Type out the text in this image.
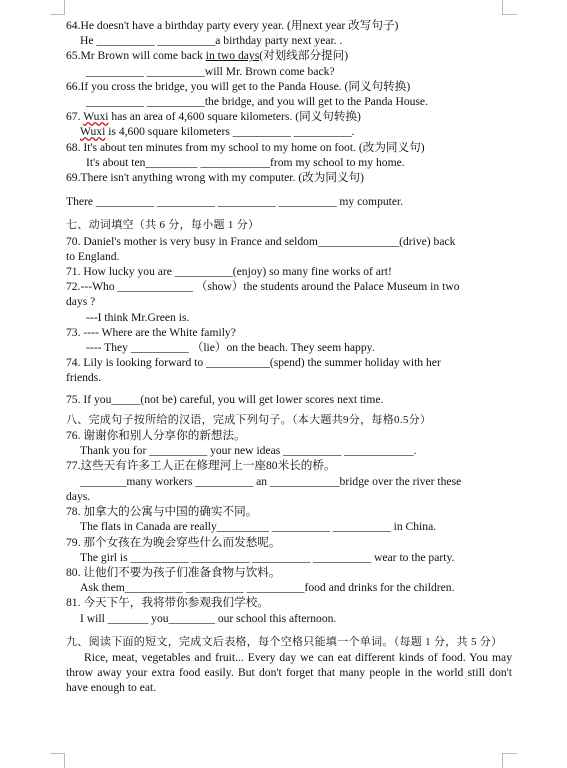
64.He doesn't have a birthday party every year. (用next year 改写句子)
He __________ __________a birthday party next year. .
65.Mr Brown will come back in two days(对划线部分提问)
__________ __________will Mr. Brown come back?
66.If you cross the bridge, you will get to the Panda House. (同义句转换)
__________ __________the bridge, and you will get to the Panda House.
67. Wuxi has an area of 4,600 square kilometers. (同义句转换)
Wuxi is 4,600 square kilometers __________ __________.
68. It's about ten minutes from my school to my home on foot. (改为同义句)
It's about ten_________ ____________from my school to my home.
69.There isn't anything wrong with my computer. (改为同义句)
There __________ __________ __________ __________ my computer.
七、动词填空（共 6 分，每小题 1 分）
70. Daniel's mother is very busy in France and seldom______________(drive) back
to England.
71. How lucky you are __________(enjoy) so many fine works of art!
72.---Who _____________ （show）the students around the Palace Museum in two
days ?
---I think Mr.Green is.
73. ---- Where are the White family?
---- They __________ （lie）on the beach. They seem happy.
74. Lily is looking forward to ___________(spend) the summer holiday with her
friends.
75. If you_____(not be) careful, you will get lower scores next time.
八、完成句子按所给的汉语，完成下列句子。（本大题共9分，每格0.5分）
76. 谢谢你和别人分享你的新想法。
Thank you for __________ your new ideas __________ ____________.
77.这些天有许多工人正在修理河上一座80米长的桥。
________many workers __________ an ____________bridge over the river these
days.
78. 加拿大的公寓与中国的确实不同。
The flats in Canada are really_________ __________ __________ in China.
79. 那个女孩在为晚会穿些什么而发愁呢。
The girl is __________ __________ __________ __________ wear to the party.
80. 让他们不要为孩子们准备食物与饮料。
Ask them__________ __________ __________food and drinks for the children.
81. 今天下午，我将带你参观我们学校。
I will _______ you________ our school this afternoon.
九、阅读下面的短文，完成文后表格，每个空格只能填一个单词。（每题 1 分，共 5 分）
Rice, meat, vegetables and fruit... Every day we can eat different kinds of food. You may throw away your extra food easily. But don't forget that many people in the world still don't have enough to eat.
